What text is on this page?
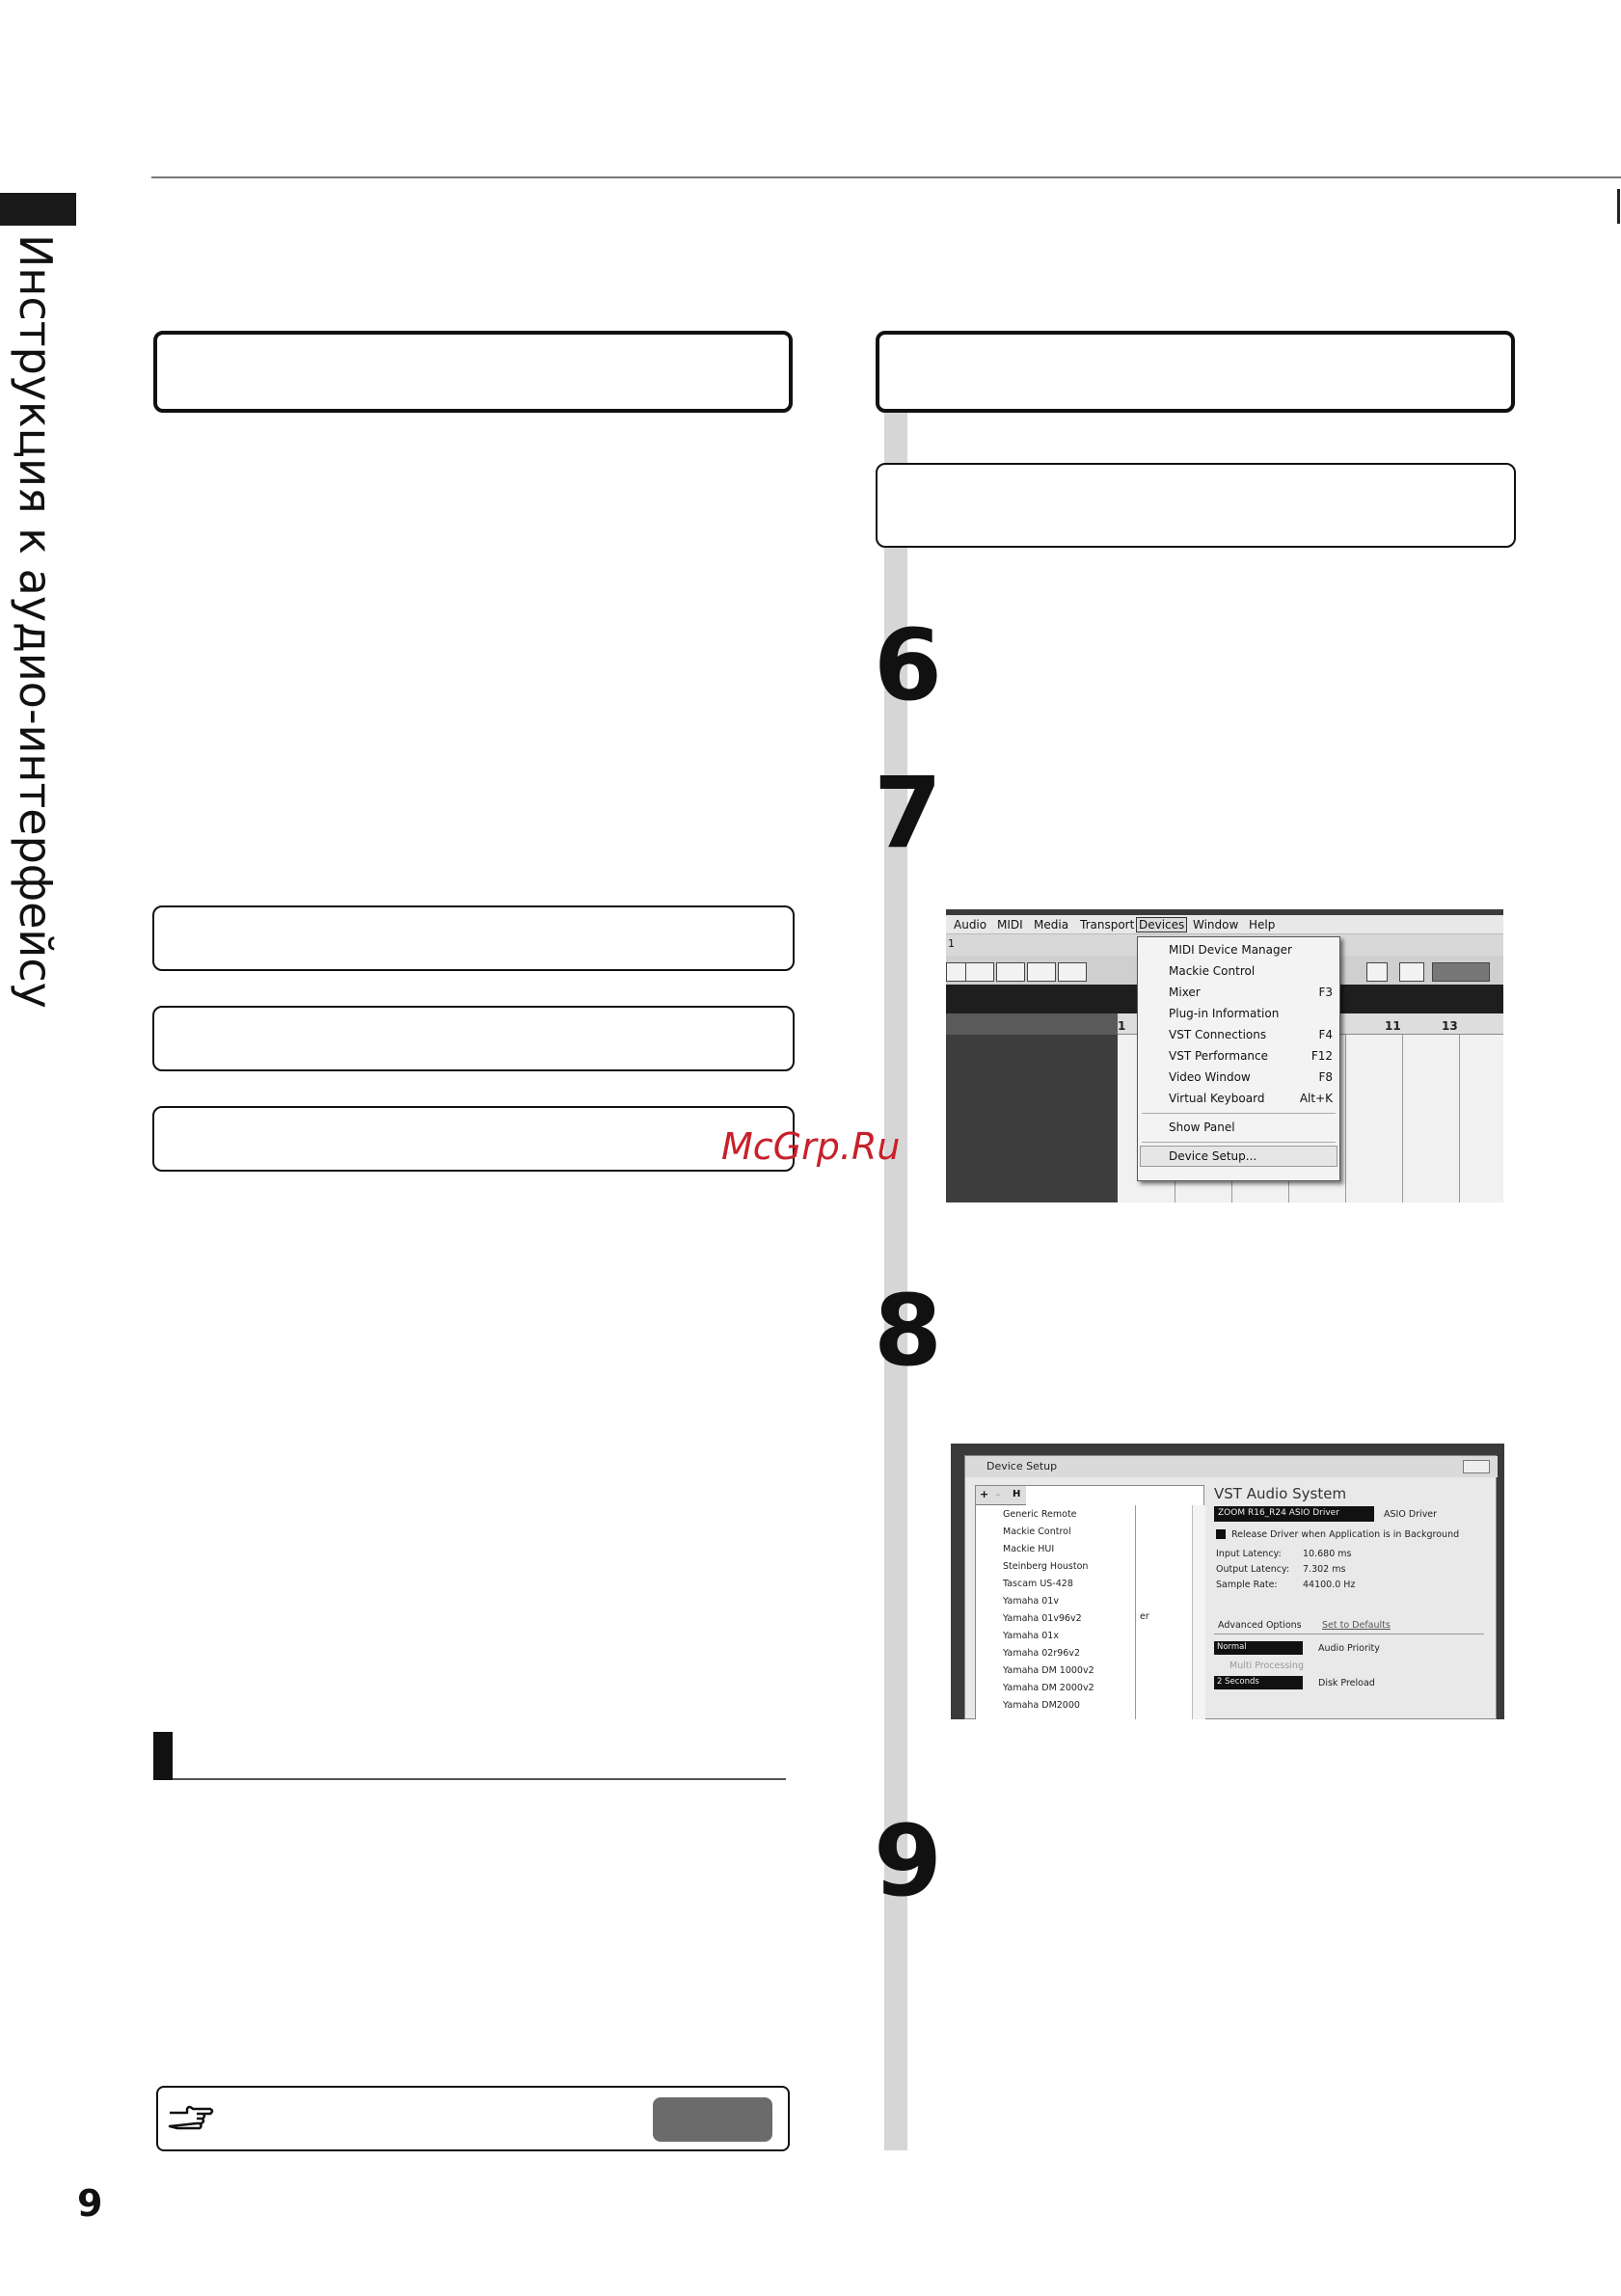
Инструкция к аудио-интерфейсу	6
7
8
9
McGrp.Ru
Audio MIDI Media Transport Devices Window Help
1
1	11	13
MIDI Device Manager
Mackie Control
Mixer	F3
Plug-in Information
VST Connections	F4
VST Performance	F12
Video Window	F8
Virtual Keyboard	Alt+K
Show Panel
Device Setup...
Device Setup
+ – H
Generic Remote
Mackie Control
Mackie HUI
Steinberg Houston
Tascam US-428
Yamaha 01v
Yamaha 01v96v2
Yamaha 01x
Yamaha 02r96v2
Yamaha DM 1000v2
Yamaha DM 2000v2
Yamaha DM2000
er
VST Audio System
ZOOM R16_R24 ASIO Driver	ASIO Driver
Release Driver when Application is in Background
Input Latency: 10.680 ms
Output Latency: 7.302 ms
Sample Rate:	44100.0 Hz
Advanced Options Set to Defaults
Normal	Audio Priority
Multi Processing
2 Seconds	Disk Preload
9
